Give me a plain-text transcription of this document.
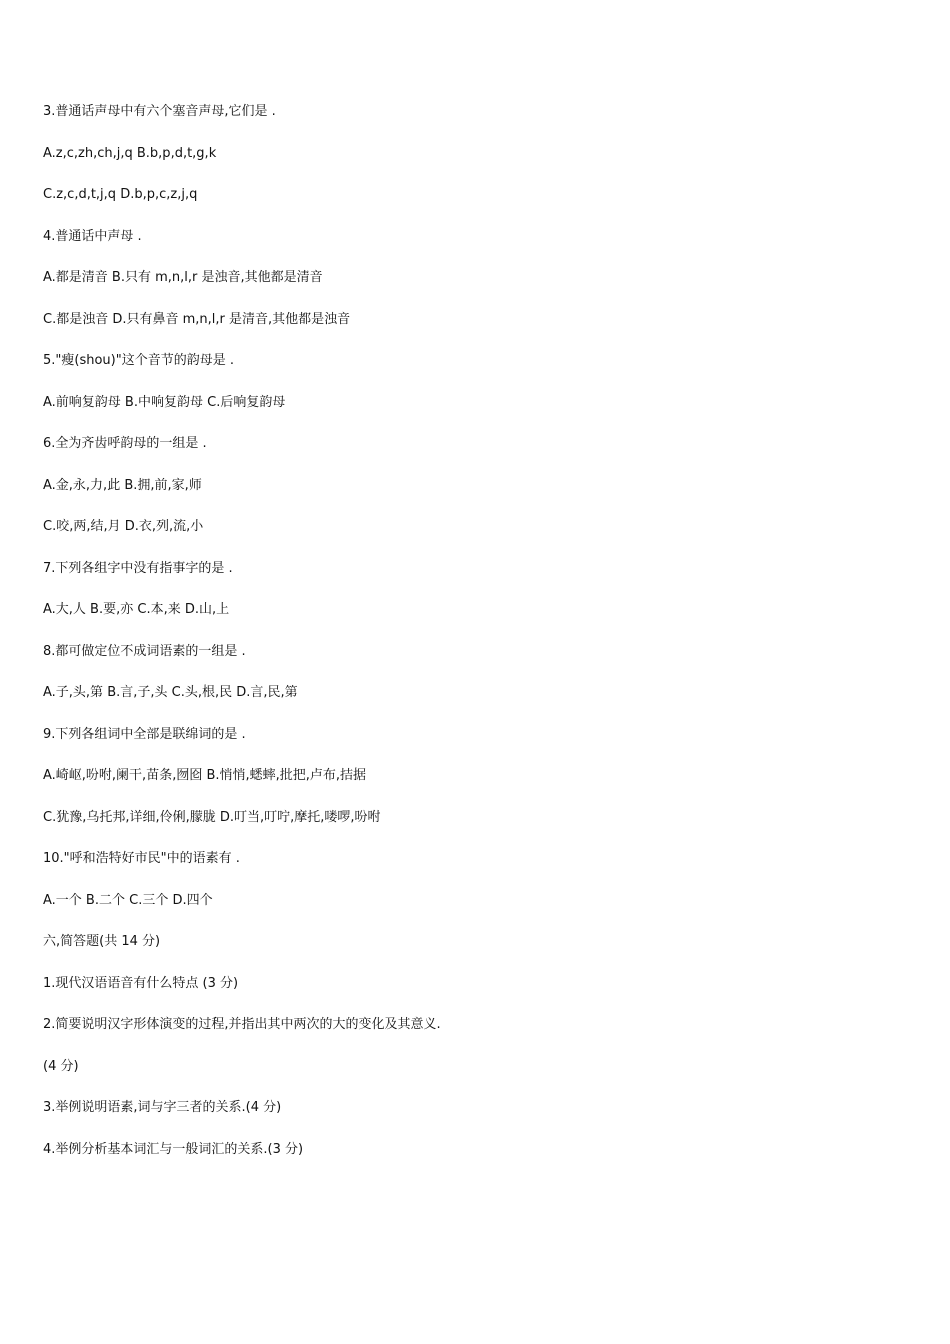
3.普通话声母中有六个塞音声母,它们是 .
A.z,c,zh,ch,j,q B.b,p,d,t,g,k
C.z,c,d,t,j,q D.b,p,c,z,j,q
4.普通话中声母 .
A.都是清音 B.只有 m,n,l,r 是浊音,其他都是清音
C.都是浊音 D.只有鼻音 m,n,l,r 是清音,其他都是浊音
5."瘦(shou)"这个音节的韵母是 .
A.前响复韵母 B.中响复韵母 C.后响复韵母
6.全为齐齿呼韵母的一组是 .
A.金,永,力,此 B.拥,前,家,师
C.咬,两,结,月 D.衣,列,流,小
7.下列各组字中没有指事字的是 .
A.大,人 B.要,亦 C.本,来 D.山,上
8.都可做定位不成词语素的一组是 .
A.子,头,第 B.言,子,头 C.头,根,民 D.言,民,第
9.下列各组词中全部是联绵词的是 .
A.崎岖,吩咐,阑干,苗条,囫囵 B.悄悄,蟋蟀,批把,卢布,拮据
C.犹豫,乌托邦,详细,伶俐,朦胧 D.叮当,叮咛,摩托,喽啰,吩咐
10."呼和浩特好市民"中的语素有 .
A.一个 B.二个 C.三个 D.四个
六,简答题(共 14 分)
1.现代汉语语音有什么特点 (3 分)
2.简要说明汉字形体演变的过程,并指出其中两次的大的变化及其意义.
(4 分)
3.举例说明语素,词与字三者的关系.(4 分)
4.举例分析基本词汇与一般词汇的关系.(3 分)
